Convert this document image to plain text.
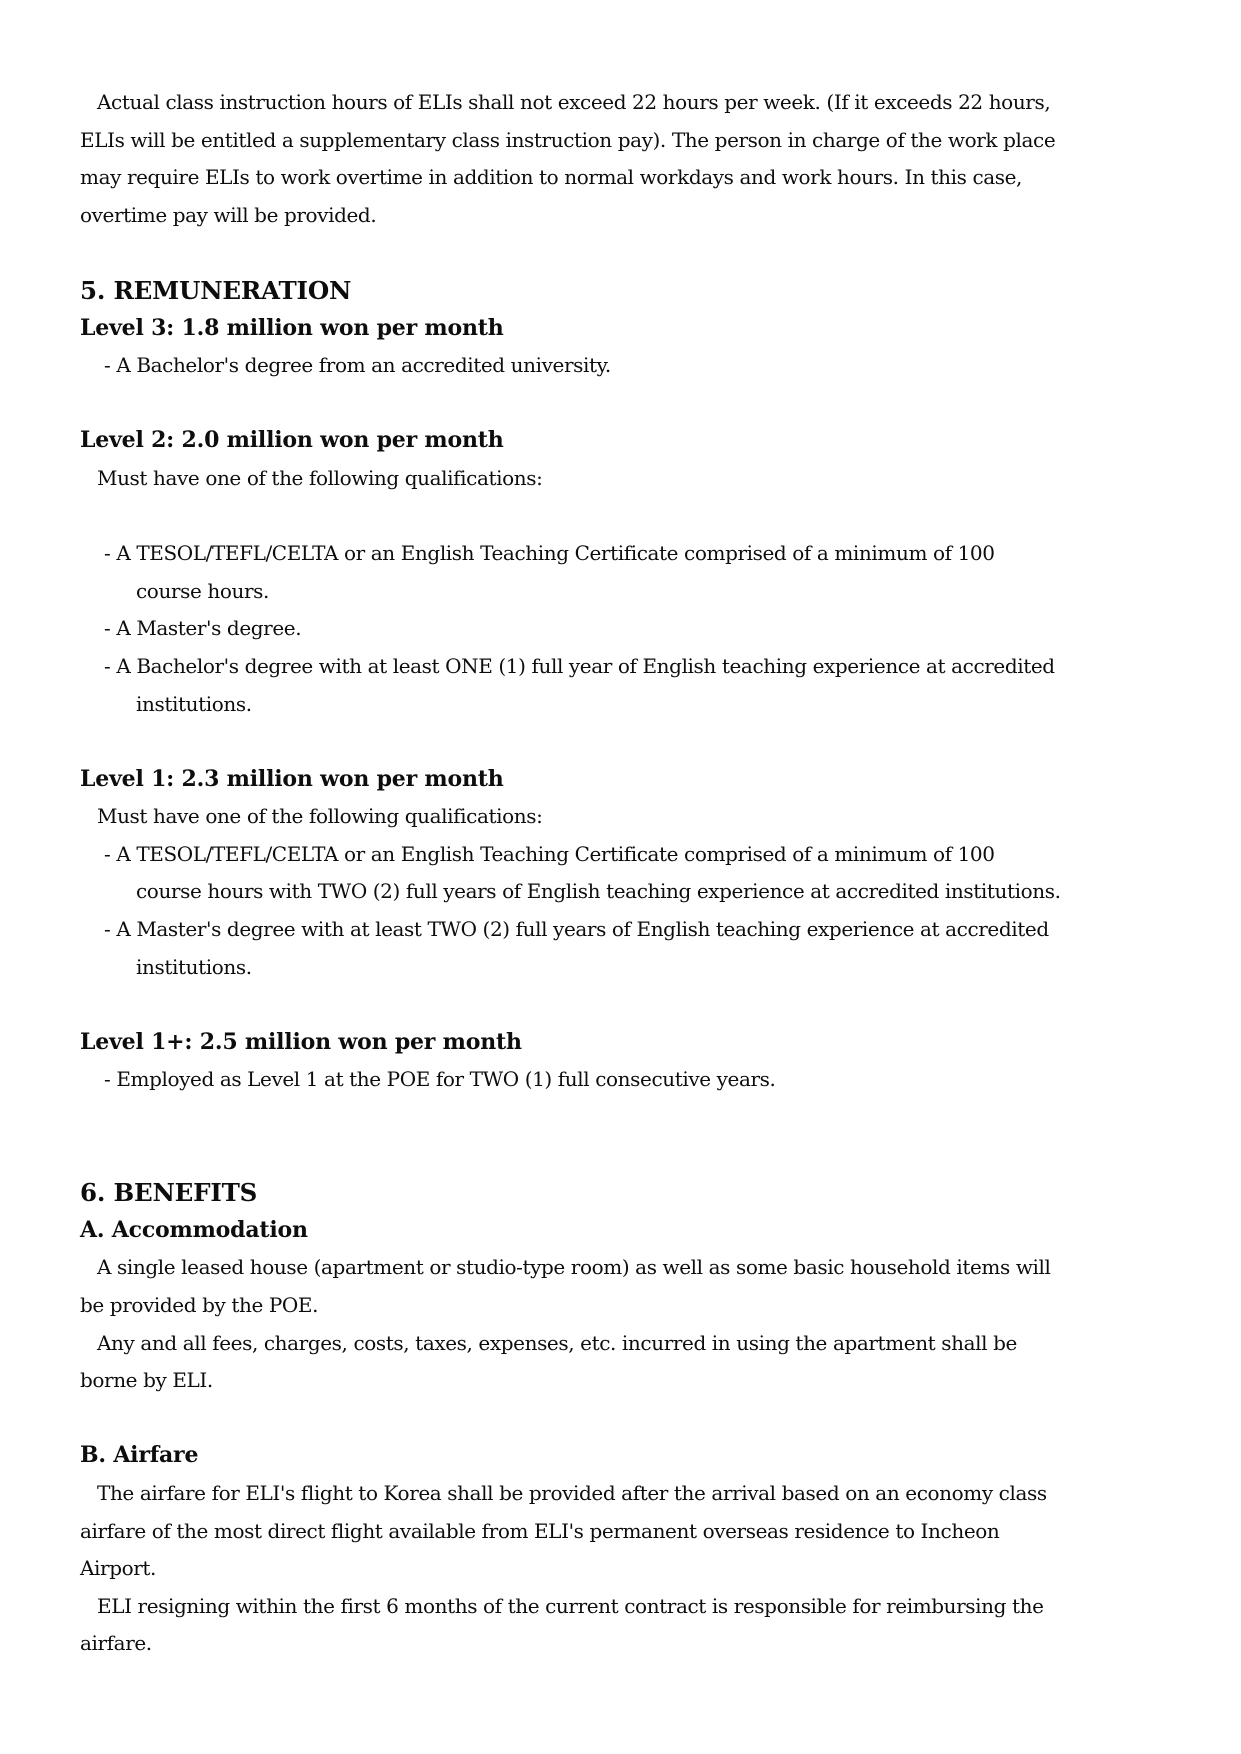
Actual class instruction hours of ELIs shall not exceed 22 hours per week. (If it exceeds 22 hours,
ELIs will be entitled a supplementary class instruction pay). The person in charge of the work place
may require ELIs to work overtime in addition to normal workdays and work hours. In this case,
overtime pay will be provided.
5. REMUNERATION
Level 3: 1.8 million won per month
- A Bachelor's degree from an accredited university.
Level 2: 2.0 million won per month
Must have one of the following qualifications:
- A TESOL/TEFL/CELTA or an English Teaching Certificate comprised of a minimum of 100
course hours.
- A Master's degree.
- A Bachelor's degree with at least ONE (1) full year of English teaching experience at accredited
institutions.
Level 1: 2.3 million won per month
Must have one of the following qualifications:
- A TESOL/TEFL/CELTA or an English Teaching Certificate comprised of a minimum of 100
course hours with TWO (2) full years of English teaching experience at accredited institutions.
- A Master's degree with at least TWO (2) full years of English teaching experience at accredited
institutions.
Level 1+: 2.5 million won per month
- Employed as Level 1 at the POE for TWO (1) full consecutive years.
6. BENEFITS
A. Accommodation
A single leased house (apartment or studio-type room) as well as some basic household items will
be provided by the POE.
Any and all fees, charges, costs, taxes, expenses, etc. incurred in using the apartment shall be
borne by ELI.
B. Airfare
The airfare for ELI's flight to Korea shall be provided after the arrival based on an economy class
airfare of the most direct flight available from ELI's permanent overseas residence to Incheon
Airport.
ELI resigning within the first 6 months of the current contract is responsible for reimbursing the
airfare.
